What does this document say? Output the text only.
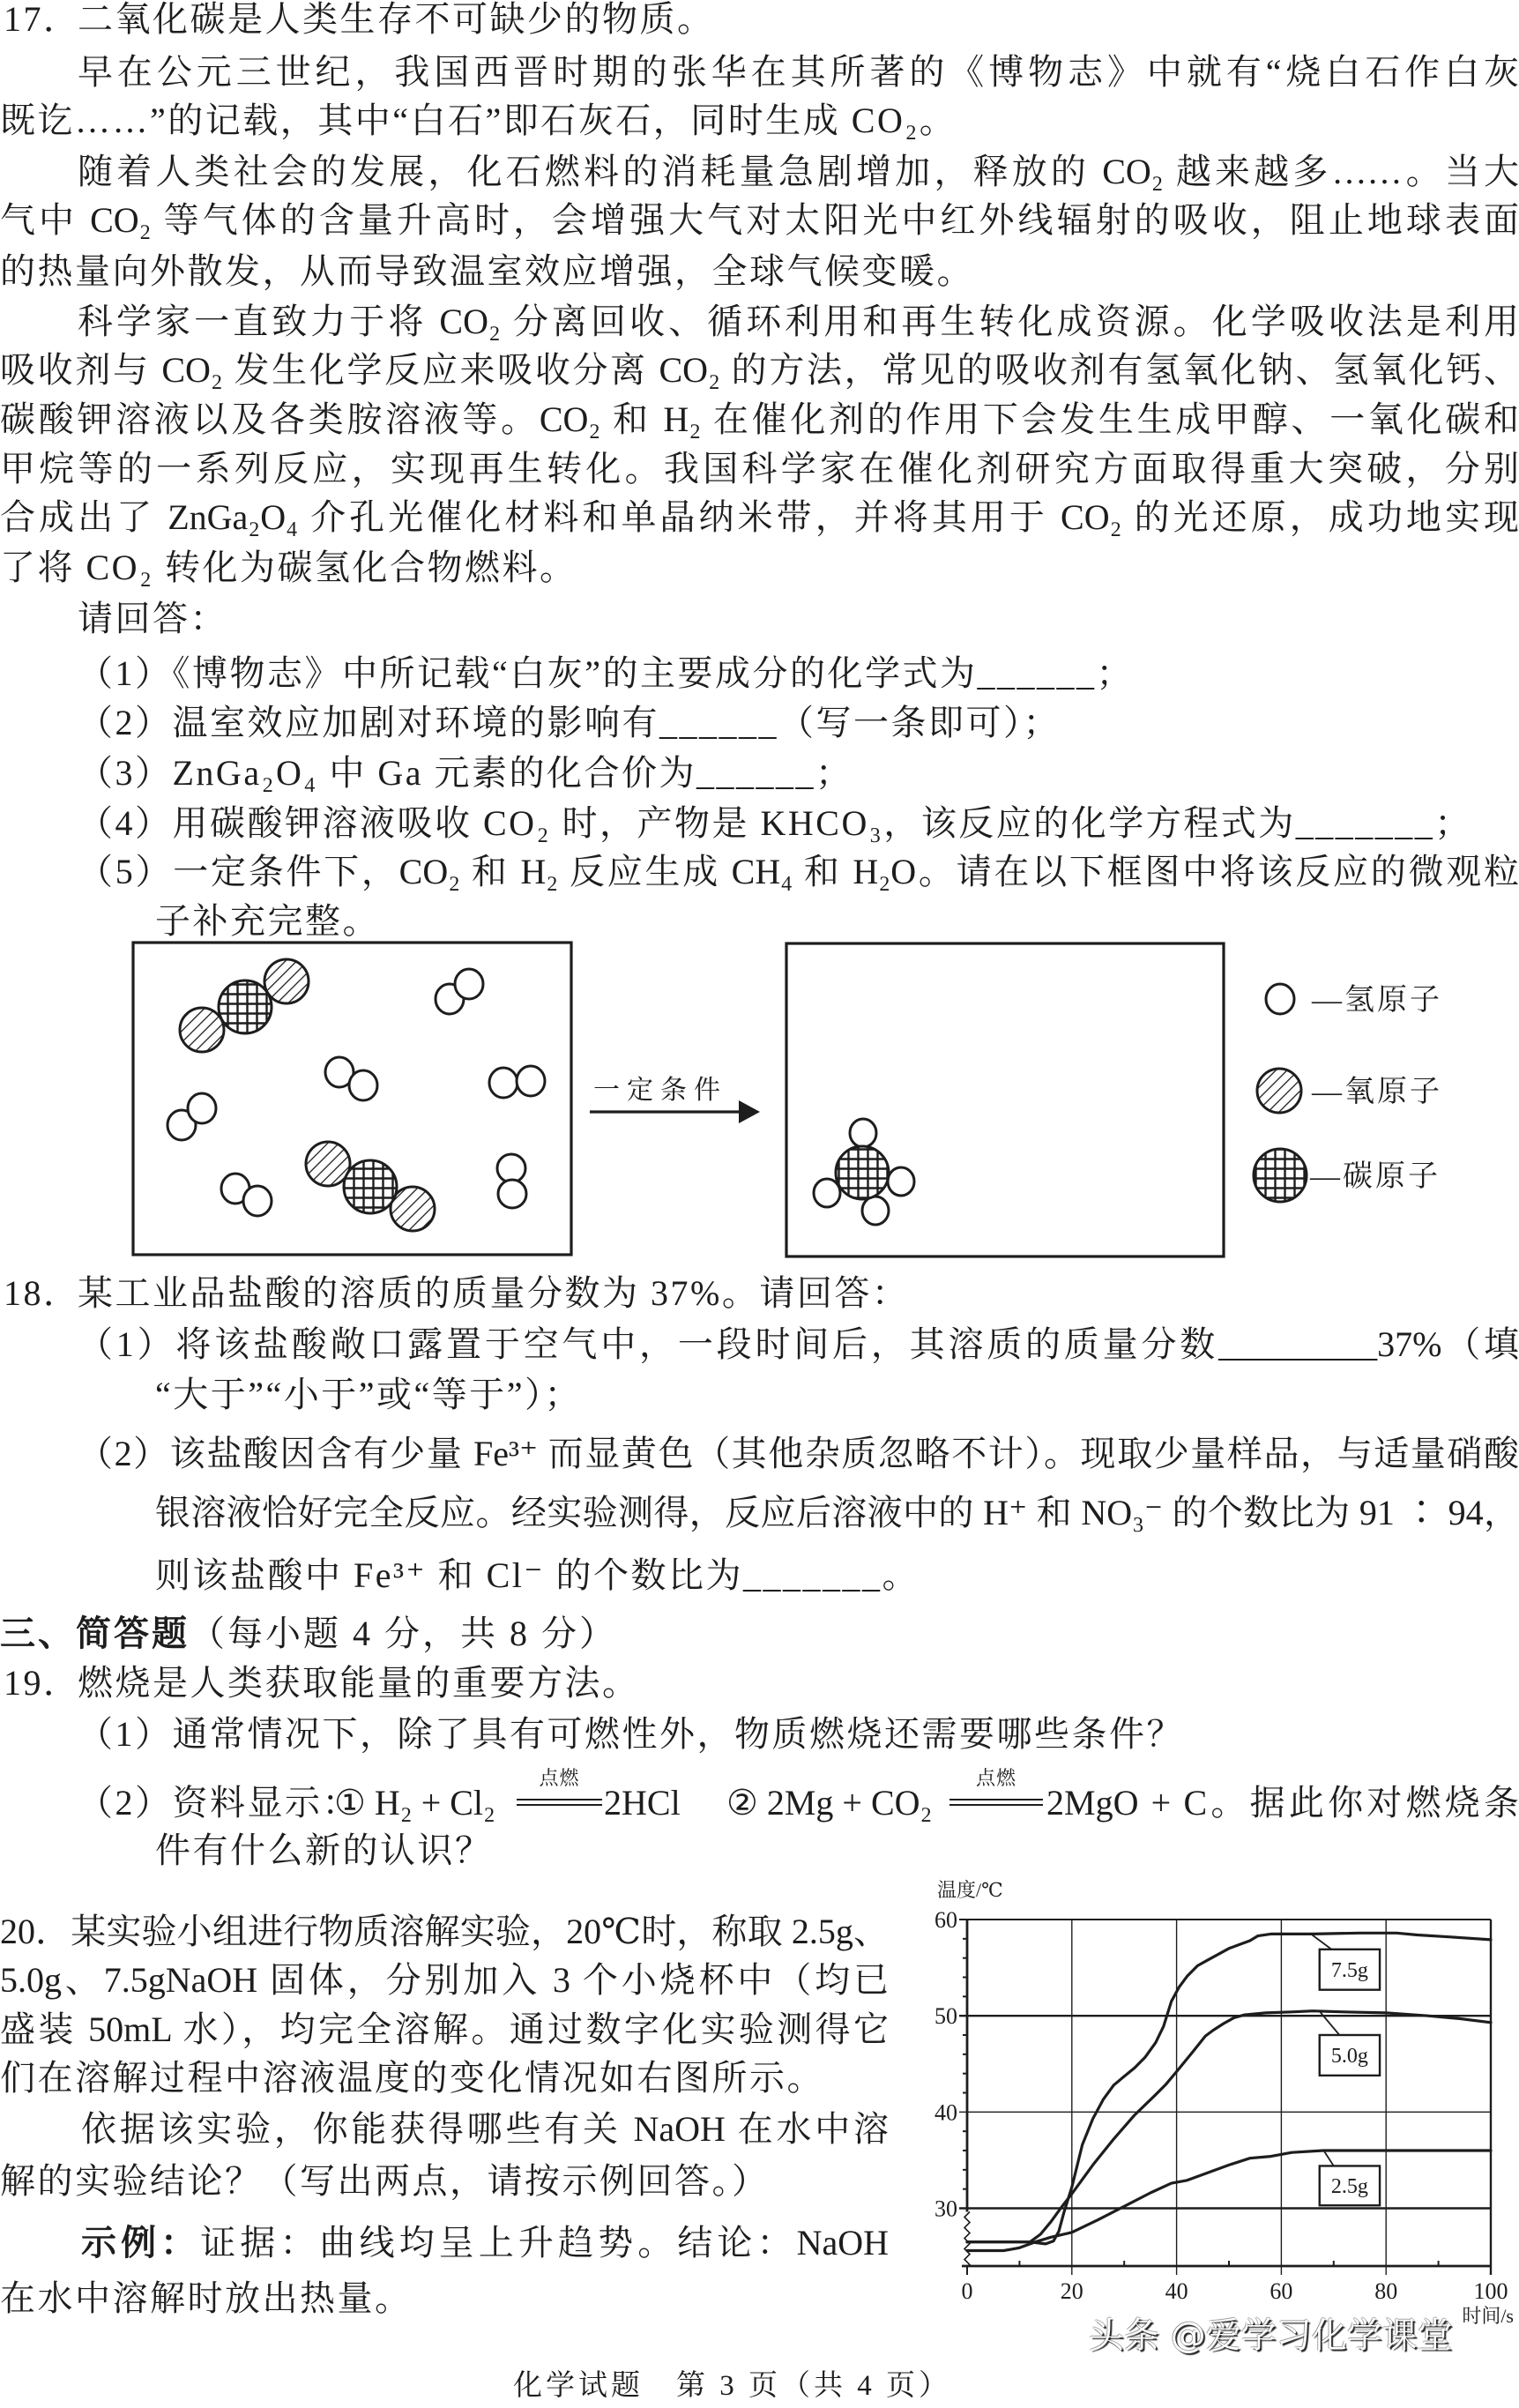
17．
二氧化碳是人类生存不可缺少的物质。
早在公元三世纪，我国西晋时期的张华在其所著的《博物志》中就有“烧白石作白灰
既讫……”的记载，其中“白石”即石灰石，同时生成 CO₂。
随着人类社会的发展，化石燃料的消耗量急剧增加，释放的 CO₂ 越来越多……。当大
气中 CO₂ 等气体的含量升高时，会增强大气对太阳光中红外线辐射的吸收，阻止地球表面
的热量向外散发，从而导致温室效应增强，全球气候变暖。
科学家一直致力于将 CO₂ 分离回收、循环利用和再生转化成资源。化学吸收法是利用
吸收剂与 CO₂ 发生化学反应来吸收分离 CO₂ 的方法，常见的吸收剂有氢氧化钠、氢氧化钙、
碳酸钾溶液以及各类胺溶液等。CO₂ 和 H₂ 在催化剂的作用下会发生生成甲醇、一氧化碳和
甲烷等的一系列反应，实现再生转化。我国科学家在催化剂研究方面取得重大突破，分别
合成出了 ZnGa₂O₄ 介孔光催化材料和单晶纳米带，并将其用于 CO₂ 的光还原，成功地实现
了将 CO₂ 转化为碳氢化合物燃料。
请回答：
（1）《博物志》中所记载“白灰”的主要成分的化学式为______；
（2）温室效应加剧对环境的影响有______（写一条即可）；
（3）ZnGa₂O₄ 中 Ga 元素的化合价为______；
（4）用碳酸钾溶液吸收 CO₂ 时，产物是 KHCO₃，该反应的化学方程式为_______；
（5）一定条件下，CO₂ 和 H₂ 反应生成 CH₄ 和 H₂O。请在以下框图中将该反应的微观粒
子补充完整。
一定条件
—氢原子
—氧原子
—碳原子
18．
某工业品盐酸的溶质的质量分数为 37%。请回答：
（1）将该盐酸敞口露置于空气中，一段时间后，其溶质的质量分数_________37%（填
“大于”“小于”或“等于”）；
（2）该盐酸因含有少量 Fe³⁺ 而显黄色（其他杂质忽略不计）。现取少量样品，与适量硝酸
银溶液恰好完全反应。经实验测得，反应后溶液中的 H⁺ 和 NO₃⁻ 的个数比为 91 ∶ 94，
则该盐酸中 Fe³⁺ 和 Cl⁻ 的个数比为_______。
三、简答题（每小题 4 分，共 8 分）
19．
燃烧是人类获取能量的重要方法。
（1）通常情况下，除了具有可燃性外，物质燃烧还需要哪些条件？
（2）资料显示：
① H₂ + Cl₂
点燃
2HCl ② 2Mg + CO₂
点燃
2MgO + C。据此你对燃烧条
件有什么新的认识？
20．某实验小组进行物质溶解实验，20℃时，称取 2.5g、
5.0g、7.5gNaOH 固体，分别加入 3 个小烧杯中（均已
盛装 50mL 水），均完全溶解。通过数字化实验测得它
们在溶解过程中溶液温度的变化情况如右图所示。
依据该实验，你能获得哪些有关 NaOH 在水中溶
解的实验结论？（写出两点，请按示例回答。）
示例：证据：曲线均呈上升趋势。结论：NaOH
在水中溶解时放出热量。
30
40
50
60
0	20	40	60	80	100
温度/℃
时间/s
7.5g
5.0g
2.5g
化学试题　第 3 页（共 4 页）
头条 @爱学习化学课堂
